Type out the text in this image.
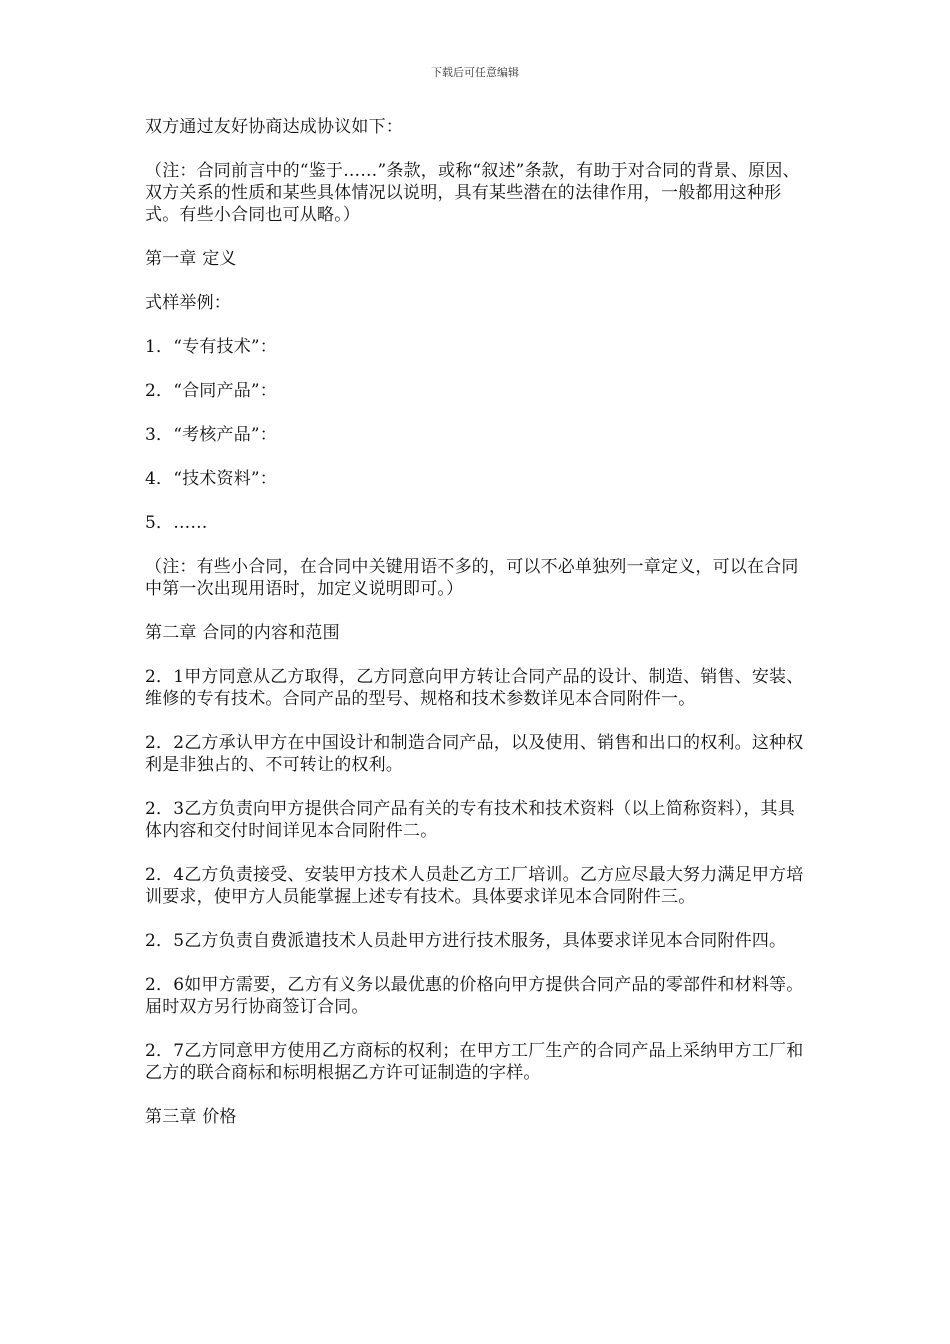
下载后可任意编辑

双方通过友好协商达成协议如下：

（注：合同前言中的“鉴于……”条款，或称“叙述”条款，有助于对合同的背景、原因、双方关系的性质和某些具体情况以说明，具有某些潜在的法律作用，一般都用这种形式。有些小合同也可从略。）

第一章 定义

式样举例：

1．“专有技术”：

2．“合同产品”：

3．“考核产品”：

4．“技术资料”：

5．……

（注：有些小合同，在合同中关键用语不多的，可以不必单独列一章定义，可以在合同中第一次出现用语时，加定义说明即可。）

第二章 合同的内容和范围

2．1甲方同意从乙方取得，乙方同意向甲方转让合同产品的设计、制造、销售、安装、维修的专有技术。合同产品的型号、规格和技术参数详见本合同附件一。

2．2乙方承认甲方在中国设计和制造合同产品，以及使用、销售和出口的权利。这种权利是非独占的、不可转让的权利。

2．3乙方负责向甲方提供合同产品有关的专有技术和技术资料（以上简称资料），其具体内容和交付时间详见本合同附件二。

2．4乙方负责接受、安装甲方技术人员赴乙方工厂培训。乙方应尽最大努力满足甲方培训要求，使甲方人员能掌握上述专有技术。具体要求详见本合同附件三。

2．5乙方负责自费派遣技术人员赴甲方进行技术服务，具体要求详见本合同附件四。

2．6如甲方需要，乙方有义务以最优惠的价格向甲方提供合同产品的零部件和材料等。届时双方另行协商签订合同。

2．7乙方同意甲方使用乙方商标的权利；在甲方工厂生产的合同产品上采纳甲方工厂和乙方的联合商标和标明根据乙方许可证制造的字样。

第三章 价格
